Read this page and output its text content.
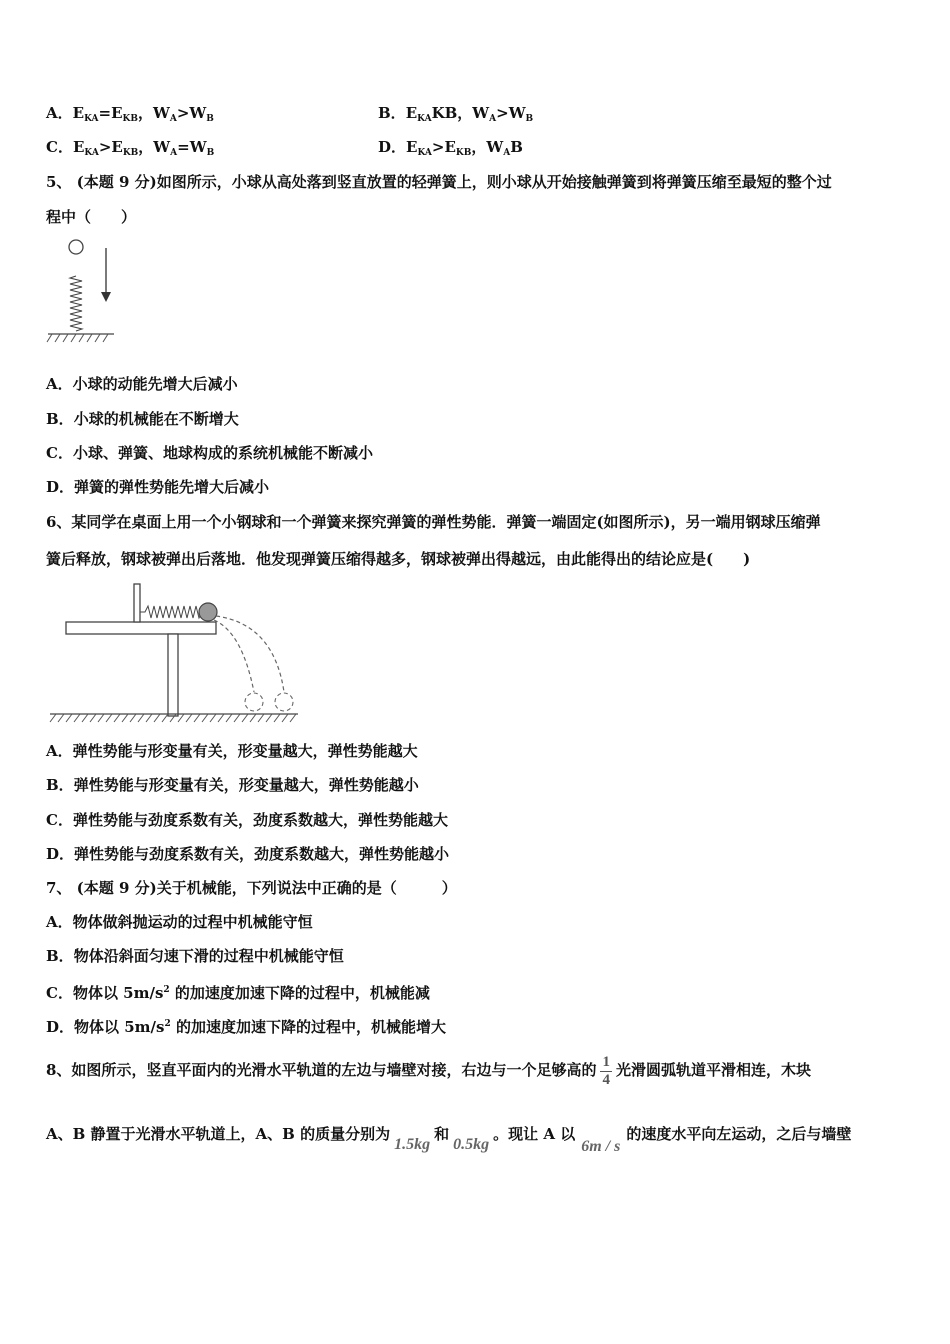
A．$E_{KA}=E_{KB}$，$W_A>W_B$	B．$E_{KA}KB$，$W_A>W_B$
C．$E_{KA}>E_{KB}$，$W_A=W_B$	D．$E_{KA}>E_{KB}$，$W_AB$
5、 (本题 9 分)如图所示，小球从高处落到竖直放置的轻弹簧上，则小球从开始接触弹簧到将弹簧压缩至最短的整个过
程中（　　）
A．小球的动能先增大后减小
B．小球的机械能在不断增大
C．小球、弹簧、地球构成的系统机械能不断减小
D．弹簧的弹性势能先增大后减小
6、某同学在桌面上用一个小钢球和一个弹簧来探究弹簧的弹性势能．弹簧一端固定(如图所示)，另一端用钢球压缩弹
簧后释放，钢球被弹出后落地．他发现弹簧压缩得越多，钢球被弹出得越远，由此能得出的结论应是(　　)
A．弹性势能与形变量有关，形变量越大，弹性势能越大
B．弹性势能与形变量有关，形变量越大，弹性势能越小
C．弹性势能与劲度系数有关，劲度系数越大，弹性势能越大
D．弹性势能与劲度系数有关，劲度系数越大，弹性势能越小
7、 (本题 9 分)关于机械能，下列说法中正确的是（　　　）
A．物体做斜抛运动的过程中机械能守恒
B．物体沿斜面匀速下滑的过程中机械能守恒
C．物体以 $5m/s^2$ 的加速度加速下降的过程中，机械能减
D．物体以 $5m/s^2$ 的加速度加速下降的过程中，机械能增大
8、如图所示，竖直平面内的光滑水平轨道的左边与墙壁对接，右边与一个足够高的 $\frac{1}{4}$ 光滑圆弧轨道平滑相连，木块
A、B 静置于光滑水平轨道上，A、B 的质量分别为1.5kg和0.5kg。现让 A 以6m / s的速度水平向左运动，之后与墙壁
